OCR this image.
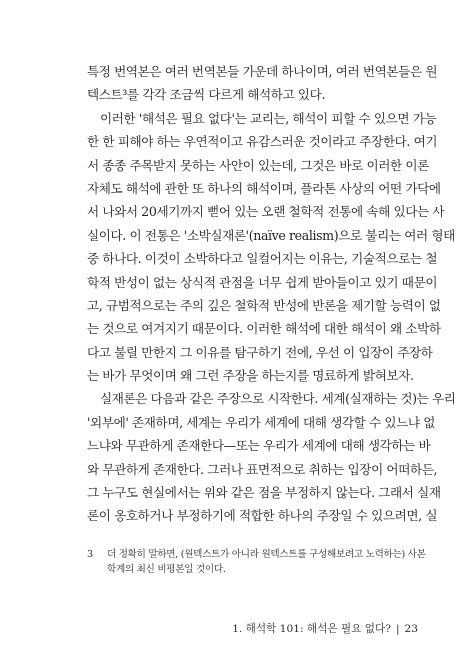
특정 번역본은 여러 번역본들 가운데 하나이며, 여러 번역본들은 원
텍스트³를 각각 조금씩 다르게 해석하고 있다.
이러한 '해석은 필요 없다'는 교리는, 해석이 피할 수 있으면 가능
한 한 피해야 하는 우연적이고 유감스러운 것이라고 주장한다. 여기
서 종종 주목받지 못하는 사안이 있는데, 그것은 바로 이러한 이론
자체도 해석에 관한 또 하나의 해석이며, 플라톤 사상의 어떤 가닥에
서 나와서 20세기까지 뻗어 있는 오랜 철학적 전통에 속해 있다는 사
실이다. 이 전통은 '소박실재론'(naïve realism)으로 불리는 여러 형태
중 하나다. 이것이 소박하다고 일컬어지는 이유는, 기술적으로는 철
학적 반성이 없는 상식적 관점을 너무 쉽게 받아들이고 있기 때문이
고, 규범적으로는 주의 깊은 철학적 반성에 반론을 제기할 능력이 없
는 것으로 여겨지기 때문이다. 이러한 해석에 대한 해석이 왜 소박하
다고 불릴 만한지 그 이유를 탐구하기 전에, 우선 이 입장이 주장하
는 바가 무엇이며 왜 그런 주장을 하는지를 명료하게 밝혀보자.
실재론은 다음과 같은 주장으로 시작한다. 세계(실재하는 것)는 우리
'외부에' 존재하며, 세계는 우리가 세계에 대해 생각할 수 있느냐 없
느냐와 무관하게 존재한다—또는 우리가 세계에 대해 생각하는 바
와 무관하게 존재한다. 그러나 표면적으로 취하는 입장이 어떠하든,
그 누구도 현실에서는 위와 같은 점을 부정하지 않는다. 그래서 실재
론이 옹호하거나 부정하기에 적합한 하나의 주장일 수 있으려면, 실
3 더 정확히 말하면, (원텍스트가 아니라 원텍스트를 구성해보려고 노력하는) 사본
학계의 최신 비평본일 것이다.
1. 해석학 101: 해석은 필요 없다? | 23
